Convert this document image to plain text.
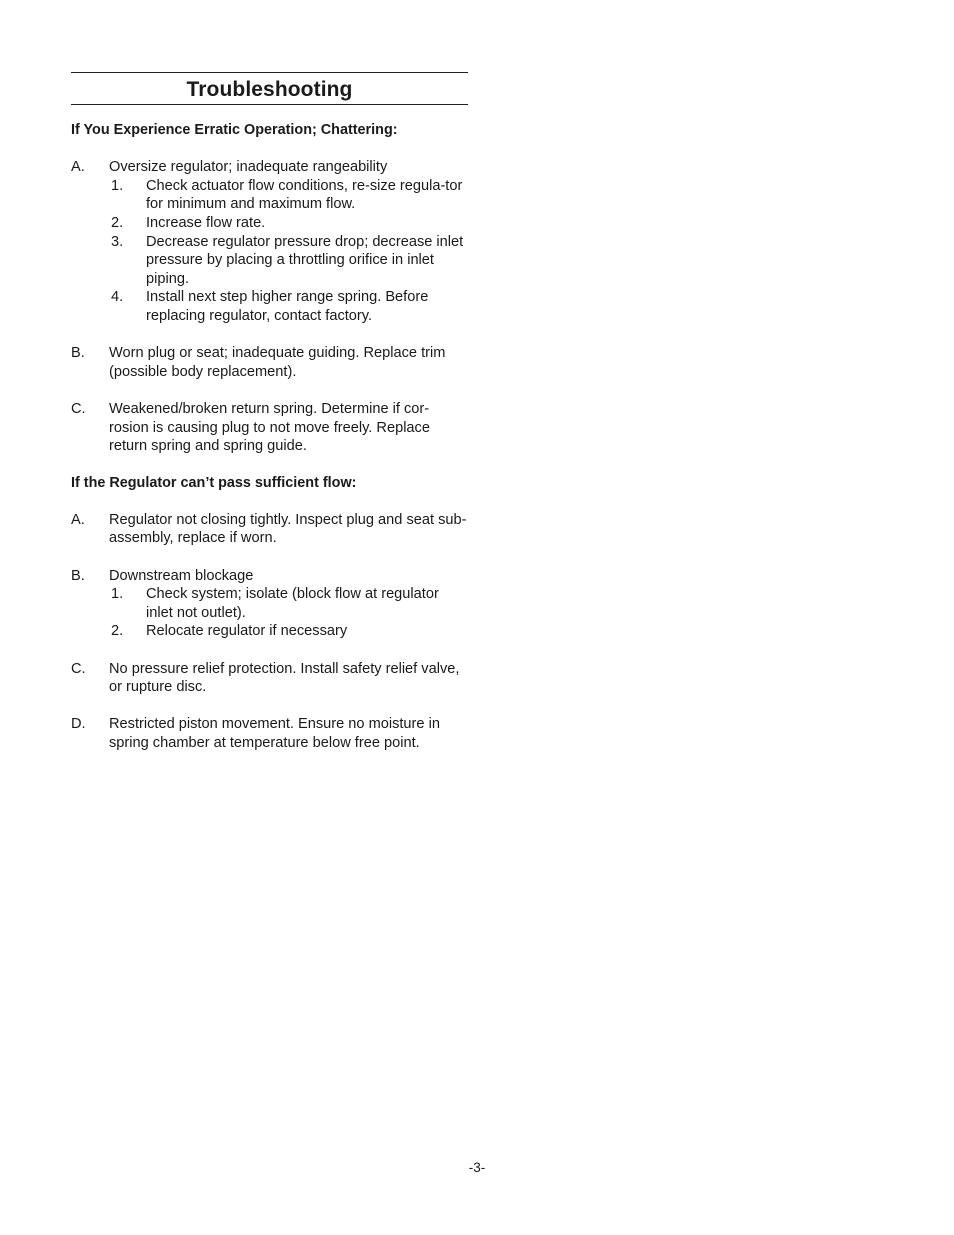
Troubleshooting

If You Experience Erratic Operation; Chattering:

A.	Oversize regulator; inadequate rangeability
1.	Check actuator flow conditions, re-size regula-tor for minimum and maximum flow.
2.	Increase flow rate.
3.	Decrease regulator pressure drop; decrease inlet pressure by placing a throttling orifice in inlet piping.
4.	Install next step higher range spring. Before replacing regulator, contact factory.
B.	Worn plug or seat; inadequate guiding. Replace trim (possible body replacement).
C.	Weakened/broken return spring. Determine if cor-rosion is causing plug to not move freely. Replace return spring and spring guide.

If the Regulator can’t pass sufficient flow:

A.	Regulator not closing tightly. Inspect plug and seat sub-assembly, replace if worn.
B.	Downstream blockage
1.	Check system; isolate (block flow at regulator inlet not outlet).
2.	Relocate regulator if necessary
C.	No pressure relief protection. Install safety relief valve, or rupture disc.
D.	Restricted piston movement. Ensure no moisture in spring chamber at temperature below free point.
-3-
